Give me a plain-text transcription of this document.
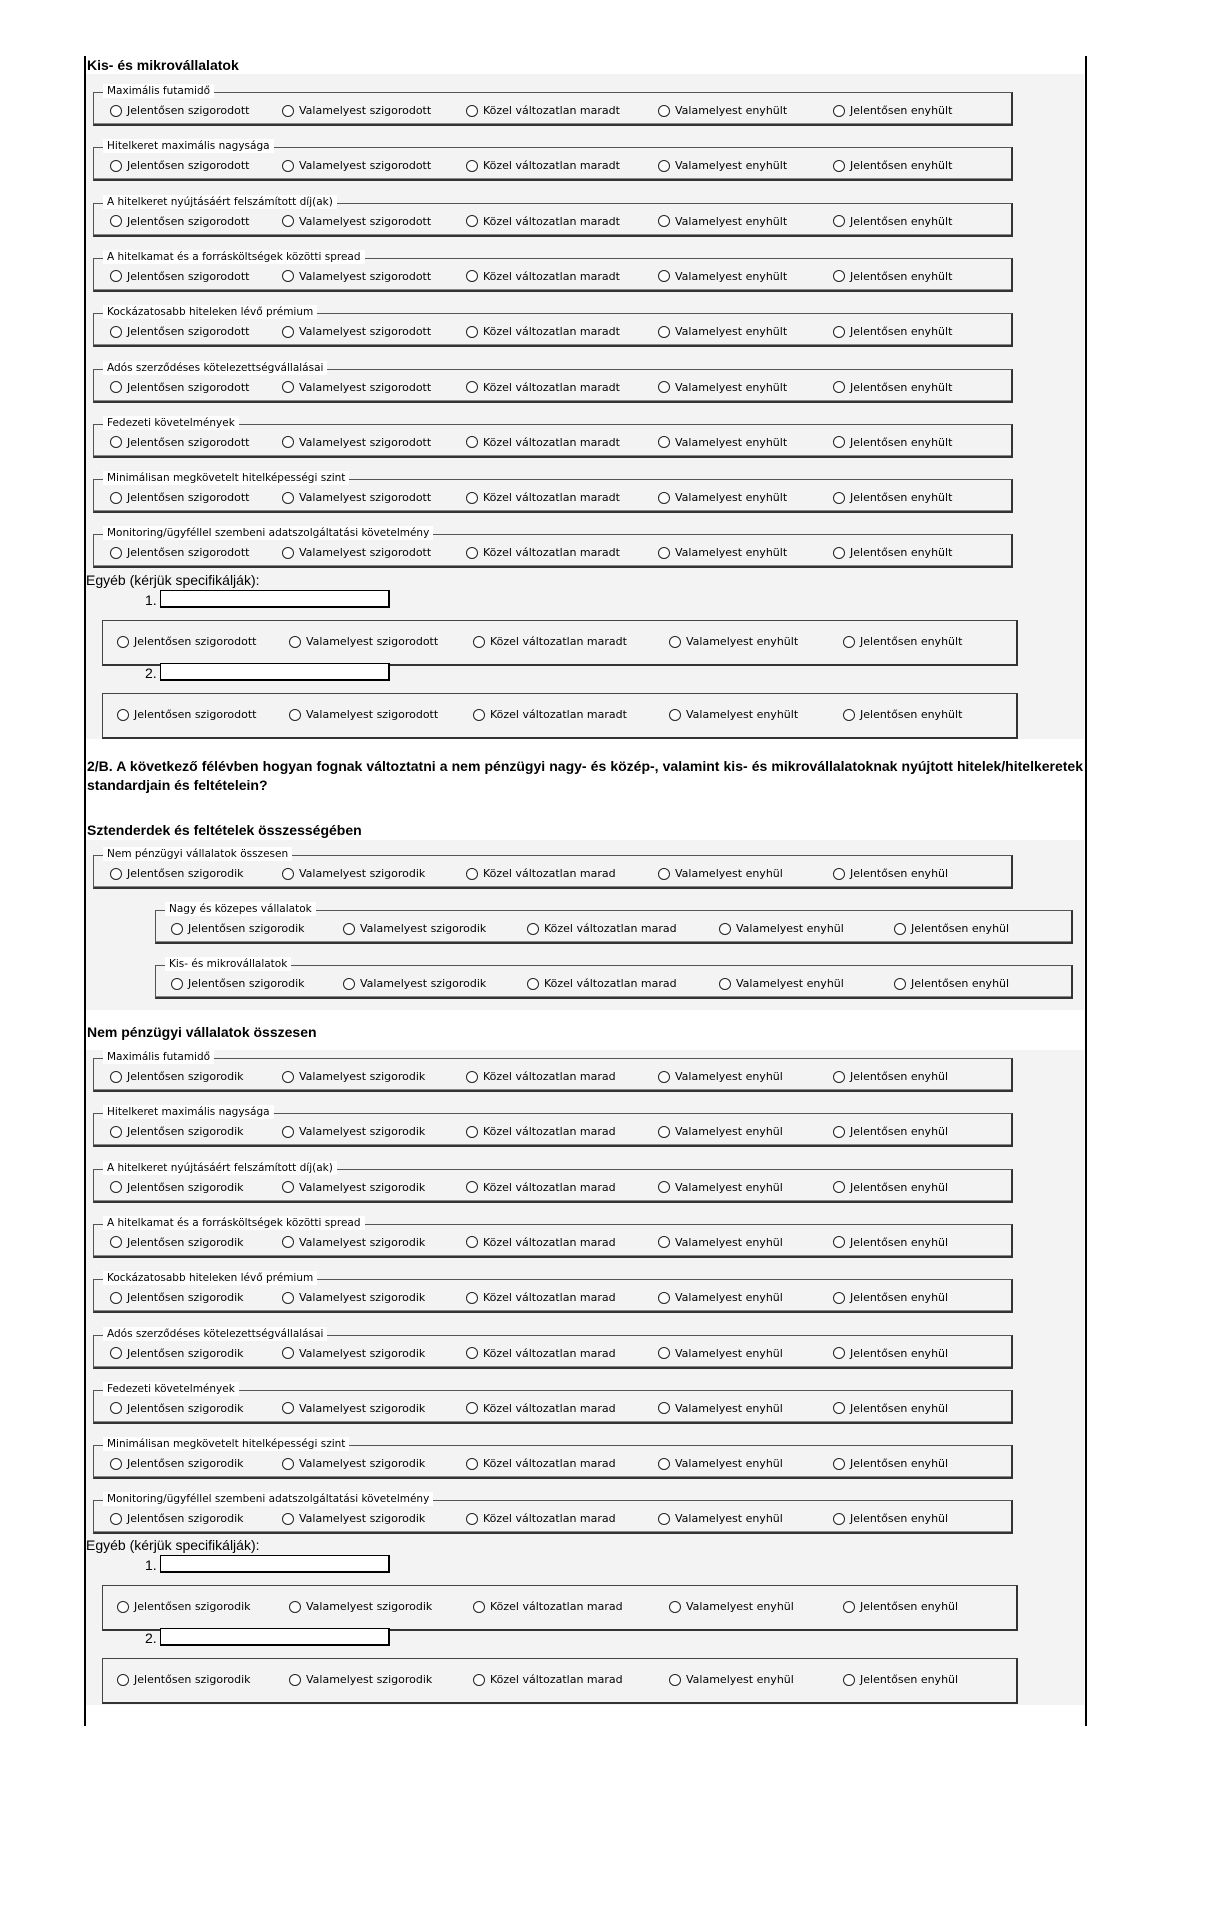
Kis- és mikrovállalatok
Maximális futamidő
Jelentősen szigorodott	Valamelyest szigorodott	Közel változatlan maradt	Valamelyest enyhült	Jelentősen enyhült
Hitelkeret maximális nagysága
Jelentősen szigorodott	Valamelyest szigorodott	Közel változatlan maradt	Valamelyest enyhült	Jelentősen enyhült
A hitelkeret nyújtásáért felszámított díj(ak)
Jelentősen szigorodott	Valamelyest szigorodott	Közel változatlan maradt	Valamelyest enyhült	Jelentősen enyhült
A hitelkamat és a forrásköltségek közötti spread
Jelentősen szigorodott	Valamelyest szigorodott	Közel változatlan maradt	Valamelyest enyhült	Jelentősen enyhült
Kockázatosabb hiteleken lévő prémium
Jelentősen szigorodott	Valamelyest szigorodott	Közel változatlan maradt	Valamelyest enyhült	Jelentősen enyhült
Adós szerződéses kötelezettségvállalásai
Jelentősen szigorodott	Valamelyest szigorodott	Közel változatlan maradt	Valamelyest enyhült	Jelentősen enyhült
Fedezeti követelmények
Jelentősen szigorodott	Valamelyest szigorodott	Közel változatlan maradt	Valamelyest enyhült	Jelentősen enyhült
Minimálisan megkövetelt hitelképességi szint
Jelentősen szigorodott	Valamelyest szigorodott	Közel változatlan maradt	Valamelyest enyhült	Jelentősen enyhült
Monitoring/ügyféllel szembeni adatszolgáltatási követelmény
Jelentősen szigorodott	Valamelyest szigorodott	Közel változatlan maradt	Valamelyest enyhült	Jelentősen enyhült
Egyéb (kérjük specifikálják):
1.
Jelentősen szigorodott	Valamelyest szigorodott	Közel változatlan maradt	Valamelyest enyhült	Jelentősen enyhült
2.
Jelentősen szigorodott	Valamelyest szigorodott	Közel változatlan maradt	Valamelyest enyhült	Jelentősen enyhült
2/B. A következő félévben hogyan fognak változtatni a nem pénzügyi nagy- és közép-, valamint kis- és mikrovállalatoknak nyújtott hitelek/hitelkeretek standardjain és feltételein?
Sztenderdek és feltételek összességében
Nem pénzügyi vállalatok összesen
Jelentősen szigorodik	Valamelyest szigorodik	Közel változatlan marad	Valamelyest enyhül	Jelentősen enyhül
Nagy és közepes vállalatok
Jelentősen szigorodik	Valamelyest szigorodik	Közel változatlan marad	Valamelyest enyhül	Jelentősen enyhül
Kis- és mikrovállalatok
Jelentősen szigorodik	Valamelyest szigorodik	Közel változatlan marad	Valamelyest enyhül	Jelentősen enyhül
Nem pénzügyi vállalatok összesen
Maximális futamidő
Jelentősen szigorodik	Valamelyest szigorodik	Közel változatlan marad	Valamelyest enyhül	Jelentősen enyhül
Hitelkeret maximális nagysága
Jelentősen szigorodik	Valamelyest szigorodik	Közel változatlan marad	Valamelyest enyhül	Jelentősen enyhül
A hitelkeret nyújtásáért felszámított díj(ak)
Jelentősen szigorodik	Valamelyest szigorodik	Közel változatlan marad	Valamelyest enyhül	Jelentősen enyhül
A hitelkamat és a forrásköltségek közötti spread
Jelentősen szigorodik	Valamelyest szigorodik	Közel változatlan marad	Valamelyest enyhül	Jelentősen enyhül
Kockázatosabb hiteleken lévő prémium
Jelentősen szigorodik	Valamelyest szigorodik	Közel változatlan marad	Valamelyest enyhül	Jelentősen enyhül
Adós szerződéses kötelezettségvállalásai
Jelentősen szigorodik	Valamelyest szigorodik	Közel változatlan marad	Valamelyest enyhül	Jelentősen enyhül
Fedezeti követelmények
Jelentősen szigorodik	Valamelyest szigorodik	Közel változatlan marad	Valamelyest enyhül	Jelentősen enyhül
Minimálisan megkövetelt hitelképességi szint
Jelentősen szigorodik	Valamelyest szigorodik	Közel változatlan marad	Valamelyest enyhül	Jelentősen enyhül
Monitoring/ügyféllel szembeni adatszolgáltatási követelmény
Jelentősen szigorodik	Valamelyest szigorodik	Közel változatlan marad	Valamelyest enyhül	Jelentősen enyhül
Egyéb (kérjük specifikálják):
1.
Jelentősen szigorodik	Valamelyest szigorodik	Közel változatlan marad	Valamelyest enyhül	Jelentősen enyhül
2.
Jelentősen szigorodik	Valamelyest szigorodik	Közel változatlan marad	Valamelyest enyhül	Jelentősen enyhül
